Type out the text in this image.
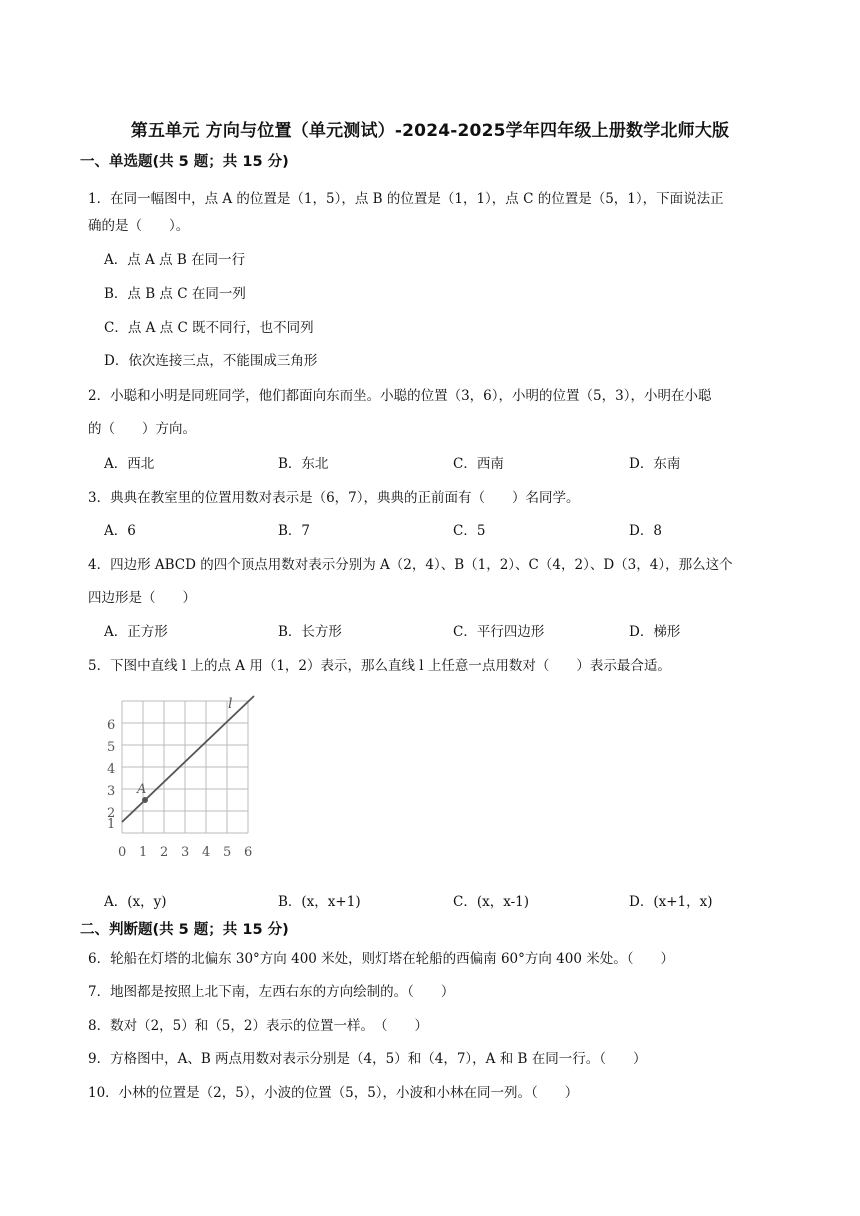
第五单元 方向与位置（单元测试）-2024-2025学年四年级上册数学北师大版
一、单选题(共 5 题；共 15 分)
1．在同一幅图中，点 A 的位置是（1，5），点 B 的位置是（1，1），点 C 的位置是（5，1），下面说法正
确的是（　　）。
A．点 A 点 B 在同一行
B．点 B 点 C 在同一列
C．点 A 点 C 既不同行，也不同列
D．依次连接三点，不能围成三角形
2．小聪和小明是同班同学，他们都面向东而坐。小聪的位置（3，6），小明的位置（5，3），小明在小聪
的（　　）方向。
A．西北	B．东北	C．西南	D．东南
3．典典在教室里的位置用数对表示是（6，7），典典的正前面有（　　）名同学。
A．6	B．7	C．5	D．8
4．四边形 ABCD 的四个顶点用数对表示分别为 A（2，4）、B（1，2）、C（4，2）、D（3，4），那么这个
四边形是（　　）
A．正方形	B．长方形	C．平行四边形	D．梯形
5．下图中直线 l 上的点 A 用（1，2）表示，那么直线 l 上任意一点用数对（　　）表示最合适。
A
l
6
5
4
3
2
1
0 1 2 3 4 5 6
A．(x，y)	B．(x，x+1)	C．(x，x-1)	D．(x+1，x)
二、判断题(共 5 题；共 15 分)
6．轮船在灯塔的北偏东 30°方向 400 米处，则灯塔在轮船的西偏南 60°方向 400 米处。（　　）
7．地图都是按照上北下南，左西右东的方向绘制的。（　　）
8．数对（2，5）和（5，2）表示的位置一样。　（　　）
9．方格图中，A、B 两点用数对表示分别是（4，5）和（4，7），A 和 B 在同一行。（　　）
10．小林的位置是（2，5），小波的位置（5，5），小波和小林在同一列。（　　）
